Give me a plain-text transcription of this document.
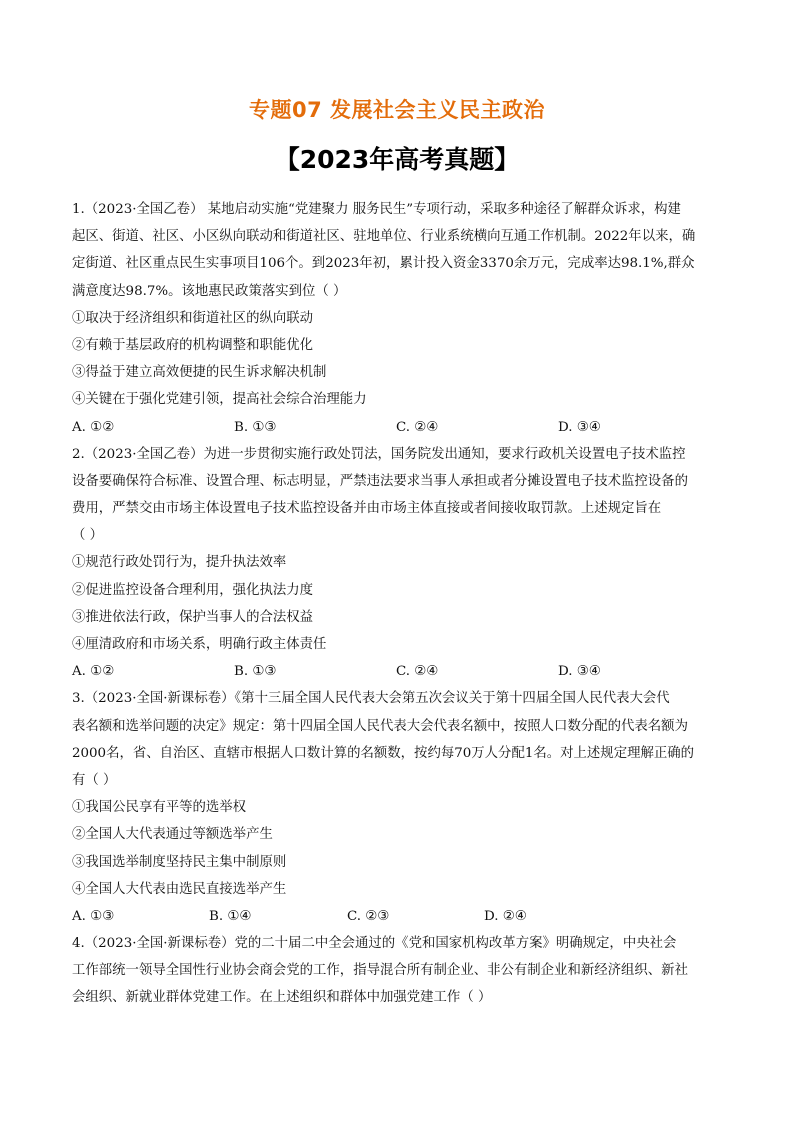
专题07 发展社会主义民主政治
【2023年高考真题】

1.（2023·全国乙卷） 某地启动实施“党建聚力 服务民生”专项行动，采取多种途径了解群众诉求，构建

起区、街道、社区、小区纵向联动和街道社区、驻地单位、行业系统横向互通工作机制。2022年以来，确

定街道、社区重点民生实事项目106个。到2023年初，累计投入资金3370余万元，完成率达98.1%,群众

满意度达98.7%。该地惠民政策落实到位（ ）

①取决于经济组织和街道社区的纵向联动

②有赖于基层政府的机构调整和职能优化

③得益于建立高效便捷的民生诉求解决机制

④关键在于强化党建引领，提高社会综合治理能力

A. ①②	B. ①③	C. ②④	D. ③④

2.（2023·全国乙卷）为进一步贯彻实施行政处罚法，国务院发出通知，要求行政机关设置电子技术监控

设备要确保符合标准、设置合理、标志明显，严禁违法要求当事人承担或者分摊设置电子技术监控设备的

费用，严禁交由市场主体设置电子技术监控设备并由市场主体直接或者间接收取罚款。上述规定旨在

（ ）

①规范行政处罚行为，提升执法效率

②促进监控设备合理利用，强化执法力度

③推进依法行政，保护当事人的合法权益

④厘清政府和市场关系，明确行政主体责任

A. ①②	B. ①③	C. ②④	D. ③④

3.（2023·全国·新课标卷）《第十三届全国人民代表大会第五次会议关于第十四届全国人民代表大会代

表名额和选举问题的决定》规定：第十四届全国人民代表大会代表名额中，按照人口数分配的代表名额为

2000名，省、自治区、直辖市根据人口数计算的名额数，按约每70万人分配1名。对上述规定理解正确的

有（ ）

①我国公民享有平等的选举权

②全国人大代表通过等额选举产生

③我国选举制度坚持民主集中制原则

④全国人大代表由选民直接选举产生

A. ①③	B. ①④	C. ②③	D. ②④

4.（2023·全国·新课标卷）党的二十届二中全会通过的《党和国家机构改革方案》明确规定，中央社会

工作部统一领导全国性行业协会商会党的工作，指导混合所有制企业、非公有制企业和新经济组织、新社

会组织、新就业群体党建工作。在上述组织和群体中加强党建工作（ ）
